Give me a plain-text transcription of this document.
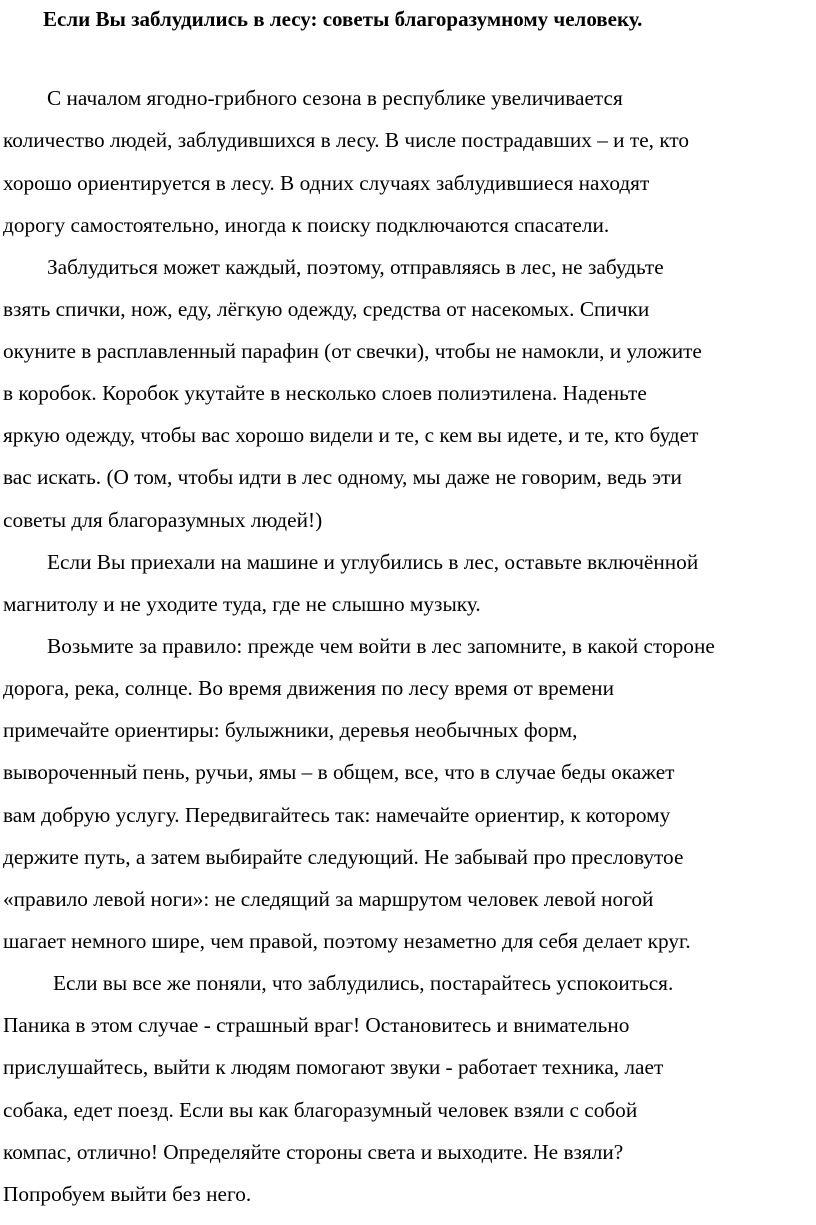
Если Вы заблудились в лесу: советы благоразумному человеку.
С началом ягодно-грибного сезона в республике увеличивается
количество людей, заблудившихся в лесу. В числе пострадавших – и те, кто
хорошо ориентируется в лесу. В одних случаях заблудившиеся находят
дорогу самостоятельно, иногда к поиску подключаются спасатели.
Заблудиться может каждый, поэтому, отправляясь в лес, не забудьте
взять спички, нож, еду, лёгкую одежду, средства от насекомых. Спички
окуните в расплавленный парафин (от свечки), чтобы не намокли, и уложите
в коробок. Коробок укутайте в несколько слоев полиэтилена. Наденьте
яркую одежду, чтобы вас хорошо видели и те, с кем вы идете, и те, кто будет
вас искать. (О том, чтобы идти в лес одному, мы даже не говорим, ведь эти
советы для благоразумных людей!)
Если Вы приехали на машине и углубились в лес, оставьте включённой
магнитолу и не уходите туда, где не слышно музыку.
Возьмите за правило: прежде чем войти в лес запомните, в какой стороне
дорога, река, солнце. Во время движения по лесу время от времени
примечайте ориентиры: булыжники, деревья необычных форм,
вывороченный пень, ручьи, ямы – в общем, все, что в случае беды окажет
вам добрую услугу. Передвигайтесь так: намечайте ориентир, к которому
держите путь, а затем выбирайте следующий. Не забывай про пресловутое
«правило левой ноги»: не следящий за маршрутом человек левой ногой
шагает немного шире, чем правой, поэтому незаметно для себя делает круг.
Если вы все же поняли, что заблудились, постарайтесь успокоиться.
Паника в этом случае - страшный враг! Остановитесь и внимательно
прислушайтесь, выйти к людям помогают звуки - работает техника, лает
собака, едет поезд. Если вы как благоразумный человек взяли с собой
компас, отлично! Определяйте стороны света и выходите. Не взяли?
Попробуем выйти без него.
